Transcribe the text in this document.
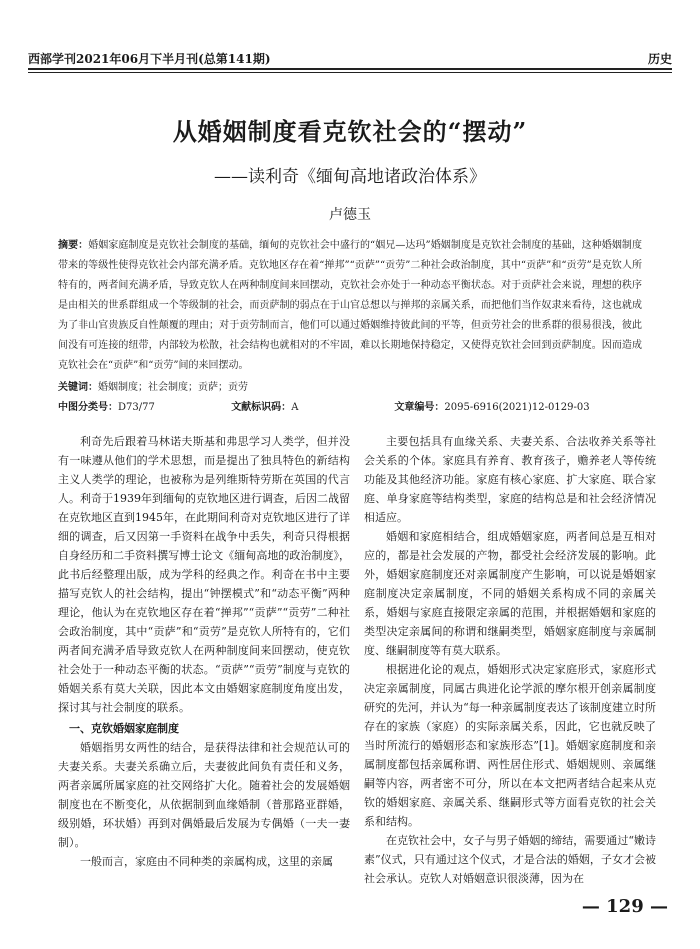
西部学刊2021年06月下半月刊(总第141期)	历史
从婚姻制度看克钦社会的“摆动”
——读利奇《缅甸高地诸政治体系》
卢德玉
摘要：婚姻家庭制度是克钦社会制度的基础，缅甸的克钦社会中盛行的“姻兄—达玛”婚姻制度是克钦社会制度的基础，这种婚姻制度带来的等级性使得克钦社会内部充满矛盾。克钦地区存在着“掸邦”“贡萨”“贡劳”二种社会政治制度，其中“贡萨”和“贡劳”是克钦人所特有的，两者间充满矛盾，导致克钦人在两种制度间来回摆动，克钦社会亦处于一种动态平衡状态。对于贡萨社会来说，理想的秩序是由相关的世系群组成一个等级制的社会，而贡萨制的弱点在于山官总想以与掸邦的亲属关系，而把他们当作奴隶来看待，这也就成为了非山官贵族反自性颠覆的理由；对于贡劳制而言，他们可以通过婚姻维持彼此间的平等，但贡劳社会的世系群的很易很浅，彼此间没有可连接的纽带，内部较为松散，社会结构也就相对的不牢固，难以长期地保持稳定，又使得克钦社会回到贡萨制度。因而造成克钦社会在“贡萨”和“贡劳”间的来回摆动。
关键词：婚姻制度；社会制度；贡萨；贡劳
中图分类号：D73/77	文献标识码：A	文章编号：2095-6916(2021)12-0129-03

利奇先后跟着马林诺夫斯基和弗思学习人类学，但并没有一味遵从他们的学术思想，而是提出了独具特色的新结构主义人类学的理论，也被称为是列维斯特劳斯在英国的代言人。利奇于1939年到缅甸的克钦地区进行调查，后因二战留在克钦地区直到1945年，在此期间利奇对克钦地区进行了详细的调查，后又因第一手资料在战争中丢失，利奇只得根据自身经历和二手资料撰写博士论文《缅甸高地的政治制度》，此书后经整理出版，成为学科的经典之作。利奇在书中主要描写克钦人的社会结构，提出“钟摆模式”和“动态平衡”两种理论，他认为在克钦地区存在着“掸邦”“贡萨”“贡劳”二种社会政治制度，其中“贡萨”和“贡劳”是克钦人所特有的，它们两者间充满矛盾导致克钦人在两种制度间来回摆动，使克钦社会处于一种动态平衡的状态。“贡萨”“贡劳”制度与克钦的婚姻关系有莫大关联，因此本文由婚姻家庭制度角度出发，探讨其与社会制度的联系。

一、克钦婚姻家庭制度

婚姻指男女两性的结合，是获得法律和社会规范认可的夫妻关系。夫妻关系确立后，夫妻彼此间负有责任和义务，两者亲属所属家庭的社交网络扩大化。随着社会的发展婚姻制度也在不断变化，从依据制到血缘婚制（普那路亚群婚，级别婚，环状婚）再到对偶婚最后发展为专偶婚（一夫一妻制）。

一般而言，家庭由不同种类的亲属构成，这里的亲属

主要包括具有血缘关系、夫妻关系、合法收养关系等社会关系的个体。家庭具有养育、教育孩子，赡养老人等传统功能及其他经济功能。家庭有核心家庭、扩大家庭、联合家庭、单身家庭等结构类型，家庭的结构总是和社会经济情况相适应。

婚姻和家庭相结合，组成婚姻家庭，两者间总是互相对应的，都是社会发展的产物，都受社会经济发展的影响。此外，婚姻家庭制度还对亲属制度产生影响，可以说是婚姻家庭制度决定亲属制度，不同的婚姻关系构成不同的亲属关系，婚姻与家庭直接限定亲属的范围，并根据婚姻和家庭的类型决定亲属间的称谓和继嗣类型，婚姻家庭制度与亲属制度、继嗣制度等有莫大联系。

根据进化论的观点，婚姻形式决定家庭形式，家庭形式决定亲属制度，同属古典进化论学派的摩尔根开创亲属制度研究的先河，并认为“每一种亲属制度表达了该制度建立时所存在的家族（家庭）的实际亲属关系，因此，它也就反映了当时所流行的婚姻形态和家族形态”[1]。婚姻家庭制度和亲属制度都包括亲属称谓、两性居住形式、婚姻规则、亲属继嗣等内容，两者密不可分，所以在本文把两者结合起来从克钦的婚姻家庭、亲属关系、继嗣形式等方面看克钦的社会关系和结构。

在克钦社会中，女子与男子婚姻的缔结，需要通过“嫩诗素”仪式，只有通过这个仪式，才是合法的婚姻，子女才会被社会承认。克钦人对婚姻意识很淡薄，因为在

— 129 —
